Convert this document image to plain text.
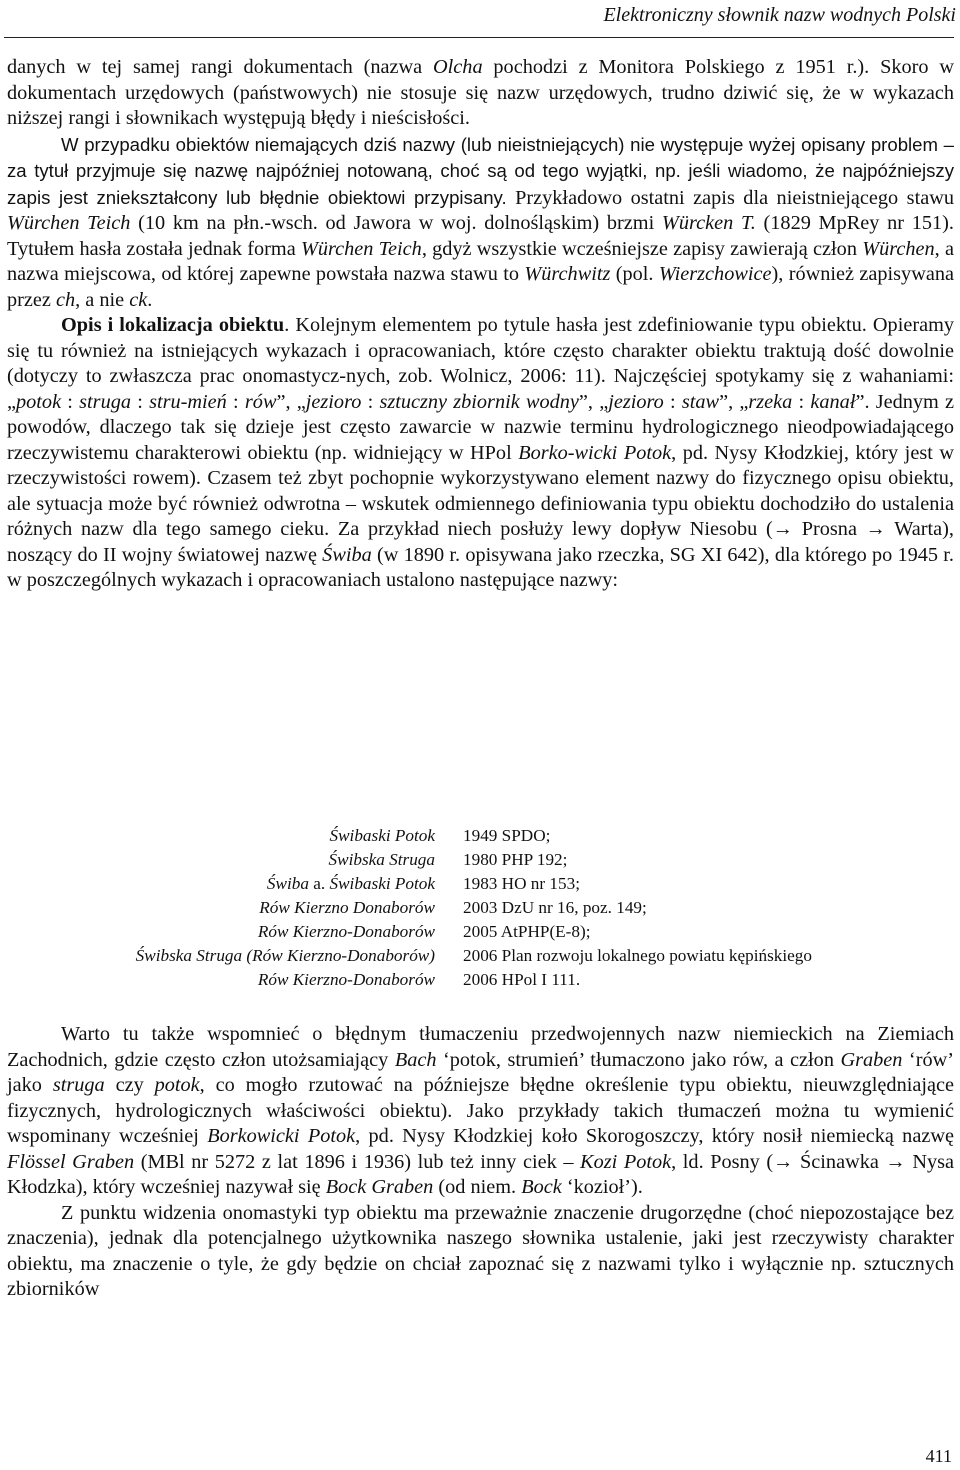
Elektroniczny słownik nazw wodnych Polski

danych w tej samej rangi dokumentach (nazwa Olcha pochodzi z Monitora Polskiego z 1951 r.). Skoro w dokumentach urzędowych (państwowych) nie stosuje się nazw urzędowych, trudno dziwić się, że w wykazach niższej rangi i słownikach występują błędy i nieścisłości.

W przypadku obiektów niemających dziś nazwy (lub nieistniejących) nie występuje wyżej opisany problem – za tytuł przyjmuje się nazwę najpóźniej notowaną, choć są od tego wyjątki, np. jeśli wiadomo, że najpóźniejszy zapis jest zniekształcony lub błędnie obiektowi przypisany. Przykładowo ostatni zapis dla nieistniejącego stawu Würchen Teich (10 km na płn.-wsch. od Jawora w woj. dolnośląskim) brzmi Würcken T. (1829 MpRey nr 151). Tytułem hasła została jednak forma Würchen Teich, gdyż wszystkie wcześniejsze zapisy zawierają człon Würchen, a nazwa miejscowa, od której zapewne powstała nazwa stawu to Würchwitz (pol. Wierzchowice), również zapisywana przez ch, a nie ck.

Opis i lokalizacja obiektu. Kolejnym elementem po tytule hasła jest zdefiniowanie typu obiektu. Opieramy się tu również na istniejących wykazach i opracowaniach, które często charakter obiektu traktują dość dowolnie (dotyczy to zwłaszcza prac onomastycz-nych, zob. Wolnicz, 2006: 11). Najczęściej spotykamy się z wahaniami: „potok : struga : stru-mień : rów”, „jezioro : sztuczny zbiornik wodny”, „jezioro : staw”, „rzeka : kanał”. Jednym z powodów, dlaczego tak się dzieje jest często zawarcie w nazwie terminu hydrologicznego nieodpowiadającego rzeczywistemu charakterowi obiektu (np. widniejący w HPol Borko-wicki Potok, pd. Nysy Kłodzkiej, który jest w rzeczywistości rowem). Czasem też zbyt pochopnie wykorzystywano element nazwy do fizycznego opisu obiektu, ale sytuacja może być również odwrotna – wskutek odmiennego definiowania typu obiektu dochodziło do ustalenia różnych nazw dla tego samego cieku. Za przykład niech posłuży lewy dopływ Niesobu (→ Prosna → Warta), noszący do II wojny światowej nazwę Świba (w 1890 r. opisywana jako rzeczka, SG XI 642), dla którego po 1945 r. w poszczególnych wykazach i opracowaniach ustalono następujące nazwy:

Świbaski Potok 1949 SPDO;
Świbska Struga 1980 PHP 192;
Świba a. Świbaski Potok 1983 HO nr 153;
Rów Kierzno Donaborów 2003 DzU nr 16, poz. 149;
Rów Kierzno-Donaborów 2005 AtPHP(E-8);
Świbska Struga (Rów Kierzno-Donaborów) 2006 Plan rozwoju lokalnego powiatu kępińskiego
Rów Kierzno-Donaborów 2006 HPol I 111.

Warto tu także wspomnieć o błędnym tłumaczeniu przedwojennych nazw niemieckich na Ziemiach Zachodnich, gdzie często człon utożsamiający Bach ‘potok, strumień’ tłumaczono jako rów, a człon Graben ‘rów’ jako struga czy potok, co mogło rzutować na późniejsze błędne określenie typu obiektu, nieuwzględniające fizycznych, hydrologicznych właściwości obiektu). Jako przykłady takich tłumaczeń można tu wymienić wspominany wcześniej Borkowicki Potok, pd. Nysy Kłodzkiej koło Skorogoszczy, który nosił niemiecką nazwę Flössel Graben (MBl nr 5272 z lat 1896 i 1936) lub też inny ciek – Kozi Potok, ld. Posny (→ Ścinawka → Nysa Kłodzka), który wcześniej nazywał się Bock Graben (od niem. Bock ‘kozioł’).

Z punktu widzenia onomastyki typ obiektu ma przeważnie znaczenie drugorzędne (choć niepozostające bez znaczenia), jednak dla potencjalnego użytkownika naszego słownika ustalenie, jaki jest rzeczywisty charakter obiektu, ma znaczenie o tyle, że gdy będzie on chciał zapoznać się z nazwami tylko i wyłącznie np. sztucznych zbiorników

411
